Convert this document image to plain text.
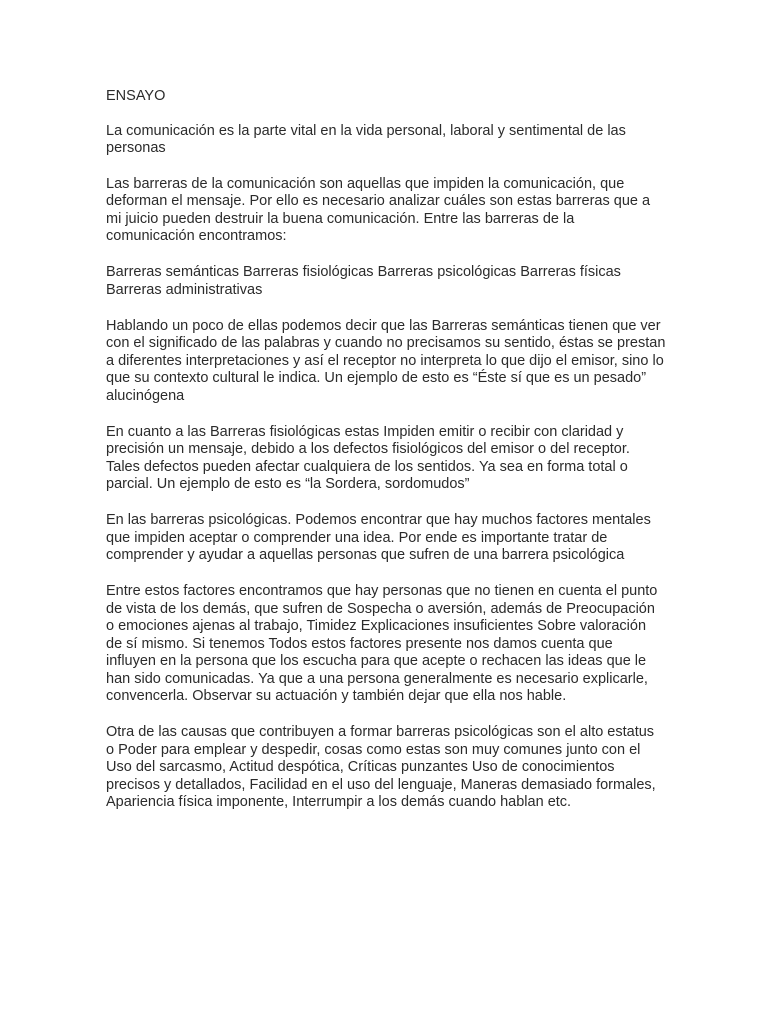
ENSAYO

La comunicación es la parte vital en la vida personal, laboral y sentimental de las personas

Las barreras de la comunicación son aquellas que impiden la comunicación, que deforman el mensaje. Por ello es necesario analizar cuáles son estas barreras que a mi juicio pueden destruir la buena comunicación. Entre las barreras de la comunicación encontramos:

Barreras semánticas Barreras fisiológicas Barreras psicológicas Barreras físicas Barreras administrativas

Hablando un poco de ellas podemos decir que las Barreras semánticas tienen que ver con el significado de las palabras y cuando no precisamos su sentido, éstas se prestan a diferentes interpretaciones y así el receptor no interpreta lo que dijo el emisor, sino lo que su contexto cultural le indica. Un ejemplo de esto es “Éste sí que es un pesado” alucinógena

En cuanto a las Barreras fisiológicas estas Impiden emitir o recibir con claridad y precisión un mensaje, debido a los defectos fisiológicos del emisor o del receptor. Tales defectos pueden afectar cualquiera de los sentidos. Ya sea en forma total o parcial. Un ejemplo de esto es “la Sordera, sordomudos”

En las barreras psicológicas. Podemos encontrar que hay muchos factores mentales que impiden aceptar o comprender una idea. Por ende es importante tratar de comprender y ayudar a aquellas personas que sufren de una barrera psicológica

Entre estos factores encontramos que hay personas que no tienen en cuenta el punto de vista de los demás, que sufren de Sospecha o aversión, además de Preocupación o emociones ajenas al trabajo, Timidez Explicaciones insuficientes Sobre valoración de sí mismo. Si tenemos Todos estos factores presente nos damos cuenta que influyen en la persona que los escucha para que acepte o rechacen las ideas que le han sido comunicadas. Ya que a una persona generalmente es necesario explicarle, convencerla. Observar su actuación y también dejar que ella nos hable.

Otra de las causas que contribuyen a formar barreras psicológicas son el alto estatus o Poder para emplear y despedir, cosas como estas son muy comunes junto con el Uso del sarcasmo, Actitud despótica, Críticas punzantes Uso de conocimientos precisos y detallados, Facilidad en el uso del lenguaje, Maneras demasiado formales, Apariencia física imponente, Interrumpir a los demás cuando hablan etc.
